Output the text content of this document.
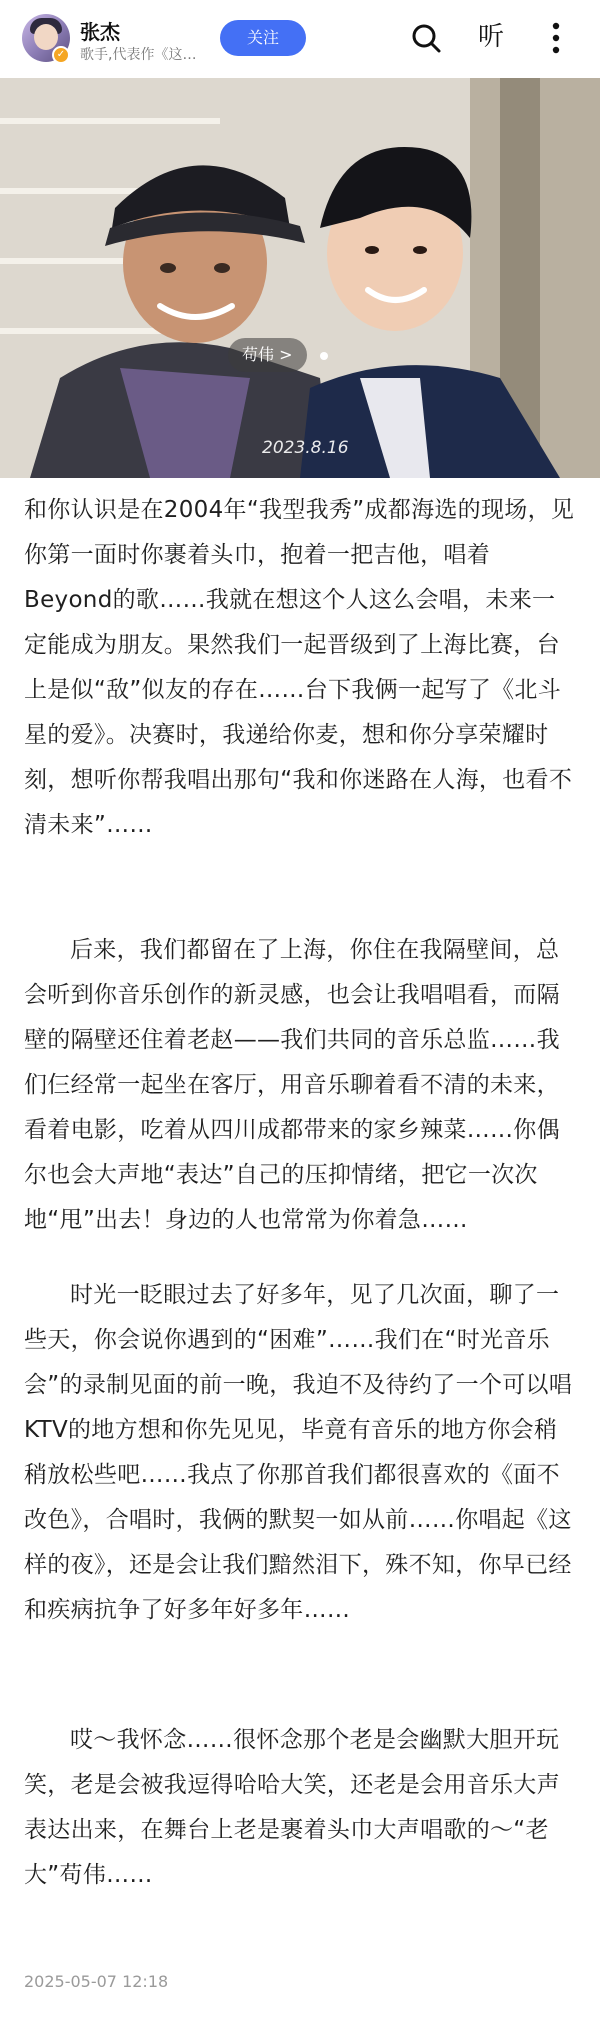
✓
张杰
歌手,代表作《这…
关注	听
苟伟 >
2023.8.16

和你认识是在2004年“我型我秀”成都海选的现场，见你第一面时你裹着头巾，抱着一把吉他，唱着Beyond的歌……我就在想这个人这么会唱，未来一定能成为朋友。果然我们一起晋级到了上海比赛，台上是似“敌”似友的存在……台下我俩一起写了《北斗星的爱》。决赛时，我递给你麦，想和你分享荣耀时刻，想听你帮我唱出那句“我和你迷路在人海，也看不清未来”……

后来，我们都留在了上海，你住在我隔壁间，总会听到你音乐创作的新灵感，也会让我唱唱看，而隔壁的隔壁还住着老赵——我们共同的音乐总监……我们仨经常一起坐在客厅，用音乐聊着看不清的未来，看着电影，吃着从四川成都带来的家乡辣菜……你偶尔也会大声地“表达”自己的压抑情绪，把它一次次地“甩”出去！身边的人也常常为你着急……

时光一眨眼过去了好多年，见了几次面，聊了一些天，你会说你遇到的“困难”……我们在“时光音乐会”的录制见面的前一晚，我迫不及待约了一个可以唱KTV的地方想和你先见见，毕竟有音乐的地方你会稍稍放松些吧……我点了你那首我们都很喜欢的《面不改色》，合唱时，我俩的默契一如从前……你唱起《这样的夜》，还是会让我们黯然泪下，殊不知，你早已经和疾病抗争了好多年好多年……

哎～我怀念……很怀念那个老是会幽默大胆开玩
笑，老是会被我逗得哈哈大笑，还老是会用音乐大声表达出来，在舞台上老是裹着头巾大声唱歌的～“老大”苟伟……

2025-05-07 12:18
